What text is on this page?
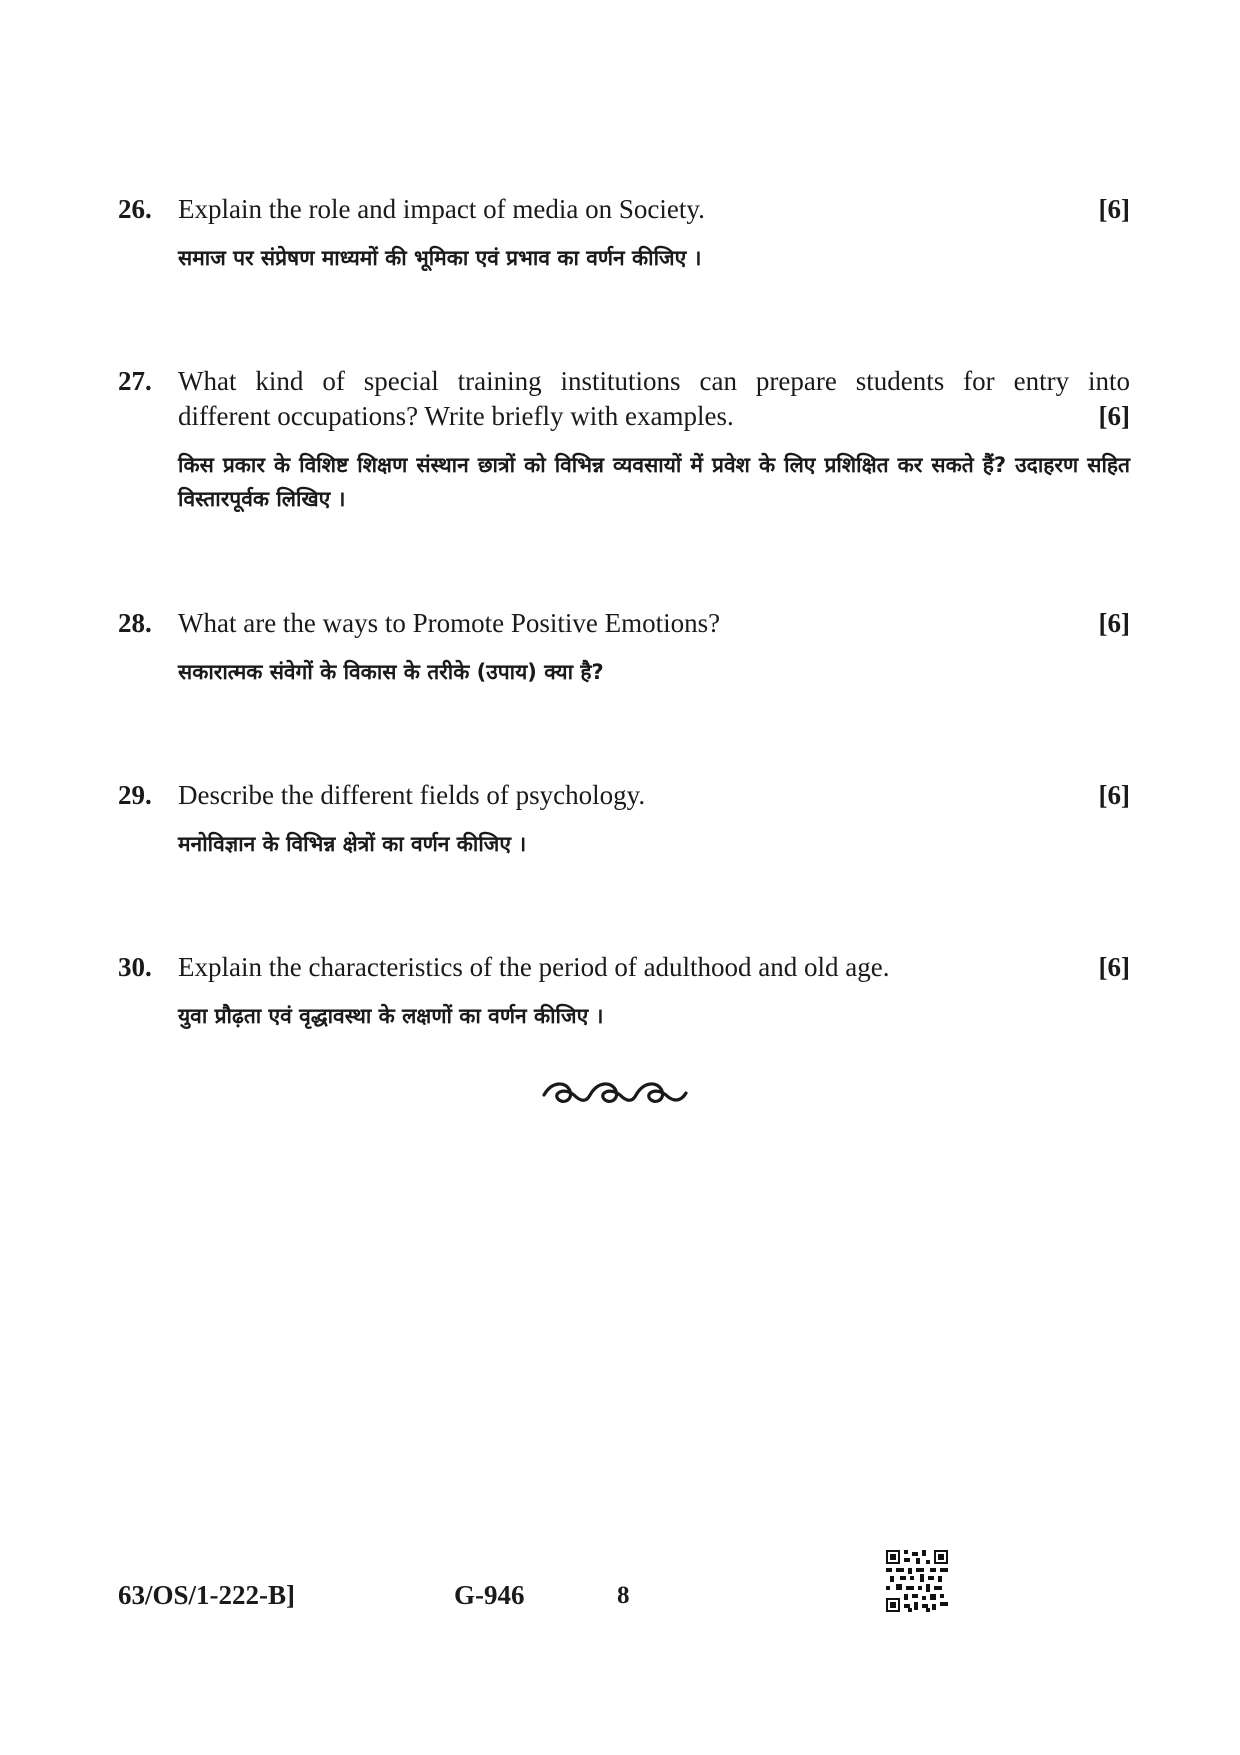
26. Explain the role and impact of media on Society.	[6]
समाज पर संप्रेषण माध्यमों की भूमिका एवं प्रभाव का वर्णन कीजिए ।
27. What kind of special training institutions can prepare students for entry into
different occupations? Write briefly with examples.	[6]
किस प्रकार के विशिष्ट शिक्षण संस्थान छात्रों को विभिन्न व्यवसायों में प्रवेश के लिए प्रशिक्षित कर सकते हैं? उदाहरण सहित विस्तारपूर्वक लिखिए ।
28. What are the ways to Promote Positive Emotions?	[6]
सकारात्मक संवेगों के विकास के तरीके (उपाय) क्या है?
29. Describe the different fields of psychology.	[6]
मनोविज्ञान के विभिन्न क्षेत्रों का वर्णन कीजिए ।
30. Explain the characteristics of the period of adulthood and old age.	[6]
युवा प्रौढ़ता एवं वृद्धावस्था के लक्षणों का वर्णन कीजिए ।
63/OS/1-222-B]	G-946	8
